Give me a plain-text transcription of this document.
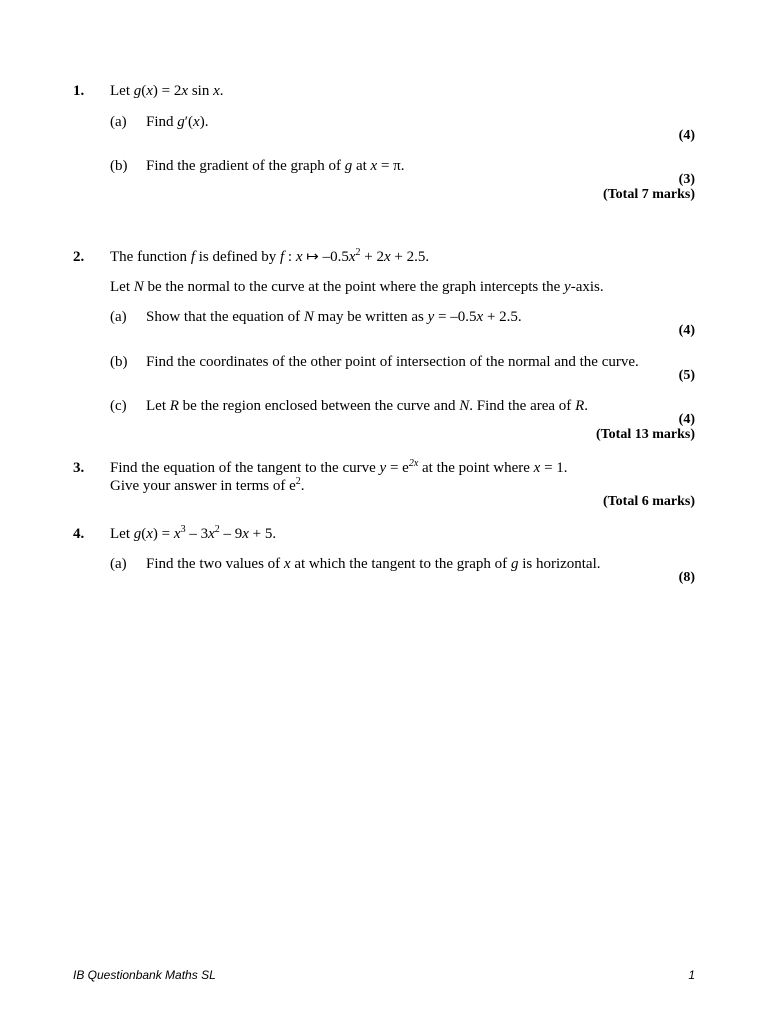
1. Let g(x) = 2x sin x.
(a) Find g′(x).
(4)
(b) Find the gradient of the graph of g at x = π.
(3)
(Total 7 marks)
2. The function f is defined by f : x ↦ $-0.5x^2 + 2x + 2.5$.
Let N be the normal to the curve at the point where the graph intercepts the y-axis.
(a) Show that the equation of N may be written as y = –0.5x + 2.5.
(4)
(b) Find the coordinates of the other point of intersection of the normal and the curve.
(5)
(c) Let R be the region enclosed between the curve and N. Find the area of R.
(4)
(Total 13 marks)
3. Find the equation of the tangent to the curve $y = e^{2x}$ at the point where x = 1.
Give your answer in terms of $e^2$.
(Total 6 marks)
4. Let $g(x) = x^3 - 3x^2 - 9x + 5$.
(a) Find the two values of x at which the tangent to the graph of g is horizontal.
(8)
IB Questionbank Maths SL	1
